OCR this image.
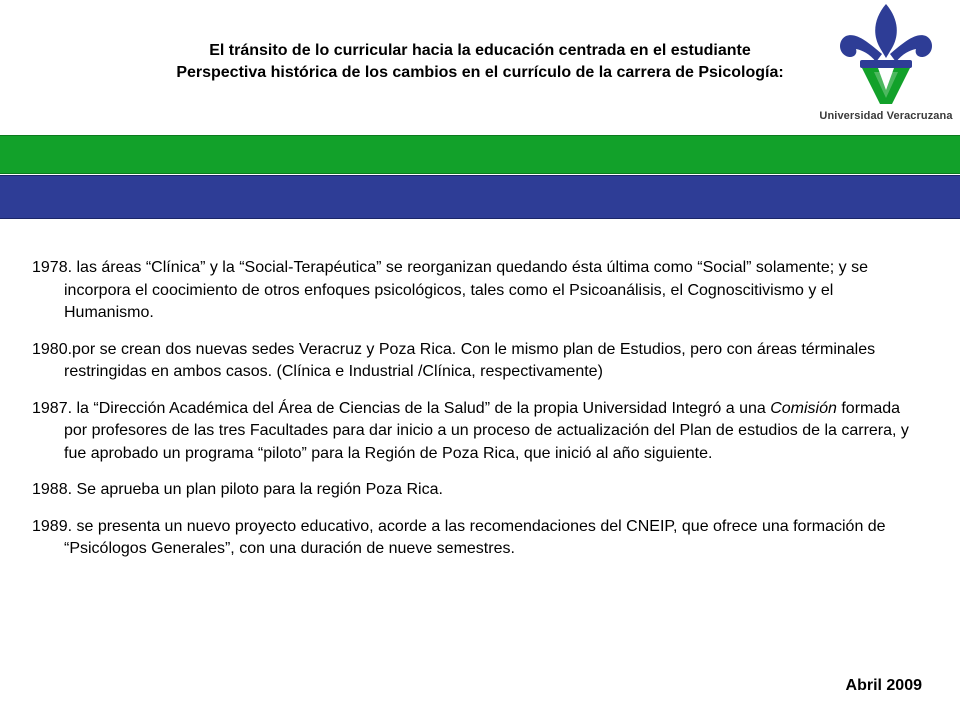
El tránsito de lo curricular hacia la educación centrada en el estudiante
Perspectiva histórica de los cambios en el currículo de la carrera de Psicología:
Universidad Veracruzana

1978. las áreas “Clínica” y la “Social-Terapéutica” se reorganizan quedando ésta última como “Social” solamente; y se incorpora el coocimiento de otros enfoques psicológicos, tales como el Psicoanálisis, el Cognoscitivismo y el Humanismo.

1980.por se crean dos nuevas sedes Veracruz y Poza Rica. Con le mismo plan de Estudios, pero con áreas términales restringidas en ambos casos. (Clínica e Industrial /Clínica, respectivamente)

1987. la “Dirección Académica del Área de Ciencias de la Salud” de la propia Universidad Integró a una Comisión formada por profesores de las tres Facultades para dar inicio a un proceso de actualización del Plan de estudios de la carrera, y fue aprobado un programa “piloto” para la Región de Poza Rica, que inició al año siguiente.

1988. Se aprueba un plan piloto para la región Poza Rica.

1989. se presenta un nuevo proyecto educativo, acorde a las recomendaciones del CNEIP, que ofrece una formación de “Psicólogos Generales”, con una duración de nueve semestres.

Abril 2009
